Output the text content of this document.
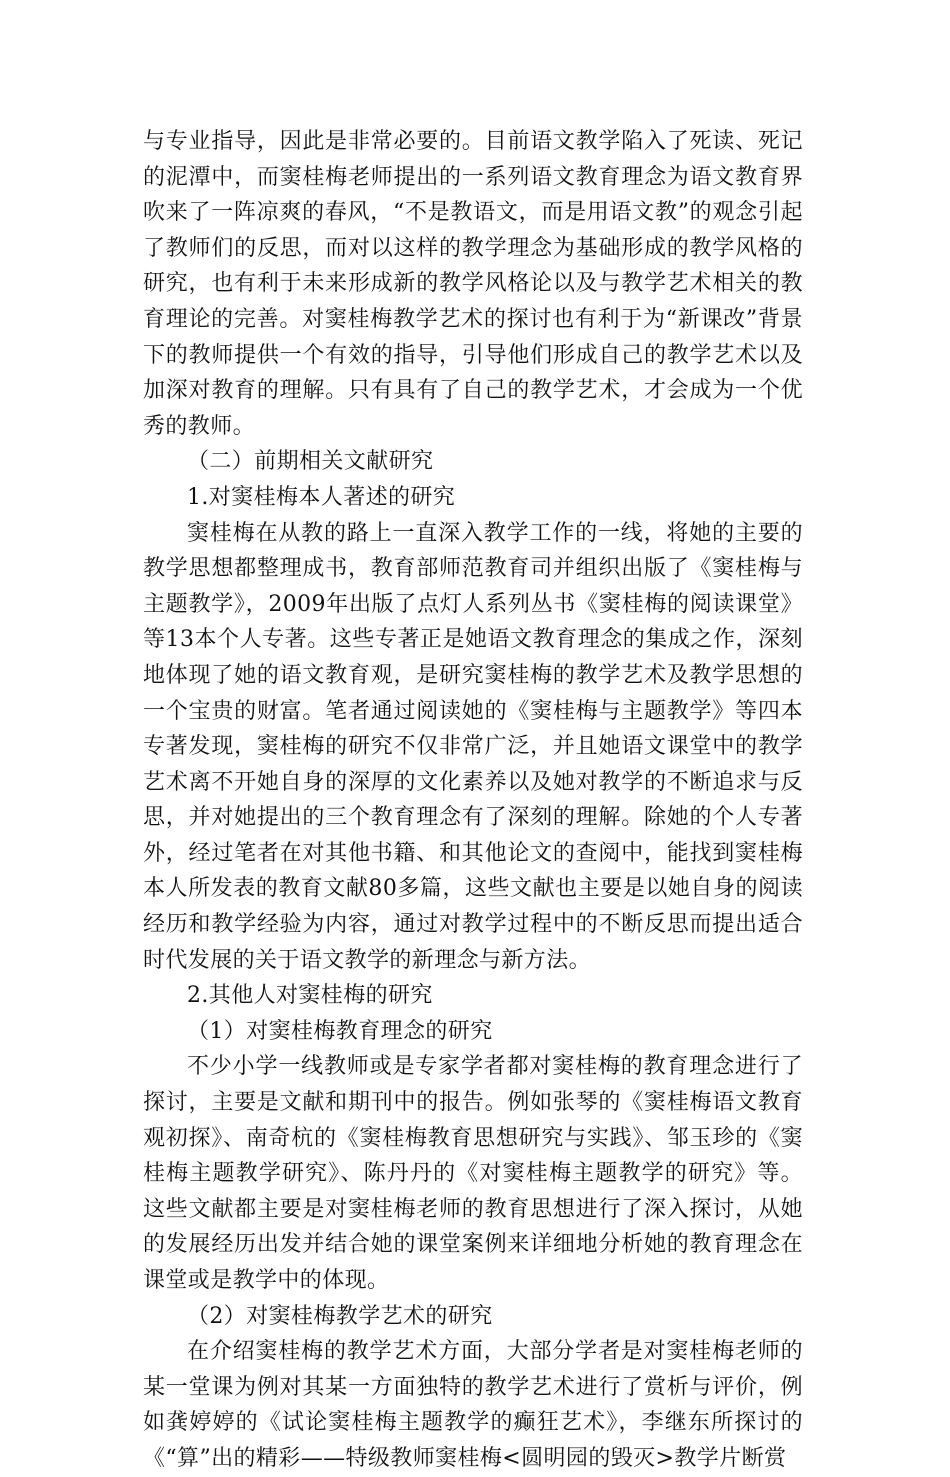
与专业指导，因此是非常必要的。目前语文教学陷入了死读、死记的泥潭中，而窦桂梅老师提出的一系列语文教育理念为语文教育界吹来了一阵凉爽的春风，“不是教语文，而是用语文教”的观念引起了教师们的反思，而对以这样的教学理念为基础形成的教学风格的研究，也有利于未来形成新的教学风格论以及与教学艺术相关的教育理论的完善。对窦桂梅教学艺术的探讨也有利于为“新课改”背景下的教师提供一个有效的指导，引导他们形成自己的教学艺术以及加深对教育的理解。只有具有了自己的教学艺术，才会成为一个优秀的教师。

（二）前期相关文献研究

1.对窦桂梅本人著述的研究

窦桂梅在从教的路上一直深入教学工作的一线，将她的主要的教学思想都整理成书，教育部师范教育司并组织出版了《窦桂梅与主题教学》，2009年出版了点灯人系列丛书《窦桂梅的阅读课堂》等13本个人专著。这些专著正是她语文教育理念的集成之作，深刻地体现了她的语文教育观，是研究窦桂梅的教学艺术及教学思想的一个宝贵的财富。笔者通过阅读她的《窦桂梅与主题教学》等四本专著发现，窦桂梅的研究不仅非常广泛，并且她语文课堂中的教学艺术离不开她自身的深厚的文化素养以及她对教学的不断追求与反思，并对她提出的三个教育理念有了深刻的理解。除她的个人专著外，经过笔者在对其他书籍、和其他论文的查阅中，能找到窦桂梅本人所发表的教育文献80多篇，这些文献也主要是以她自身的阅读经历和教学经验为内容，通过对教学过程中的不断反思而提出适合时代发展的关于语文教学的新理念与新方法。

2.其他人对窦桂梅的研究

（1）对窦桂梅教育理念的研究

不少小学一线教师或是专家学者都对窦桂梅的教育理念进行了探讨，主要是文献和期刊中的报告。例如张琴的《窦桂梅语文教育观初探》、南奇杭的《窦桂梅教育思想研究与实践》、邹玉珍的《窦桂梅主题教学研究》、陈丹丹的《对窦桂梅主题教学的研究》等。这些文献都主要是对窦桂梅老师的教育思想进行了深入探讨，从她的发展经历出发并结合她的课堂案例来详细地分析她的教育理念在课堂或是教学中的体现。

（2）对窦桂梅教学艺术的研究

在介绍窦桂梅的教学艺术方面，大部分学者是对窦桂梅老师的某一堂课为例对其某一方面独特的教学艺术进行了赏析与评价，例如龚婷婷的《试论窦桂梅主题教学的癫狂艺术》，李继东所探讨的《“算”出的精彩——特级教师窦桂梅<圆明园的毁灭>教学片断赏
